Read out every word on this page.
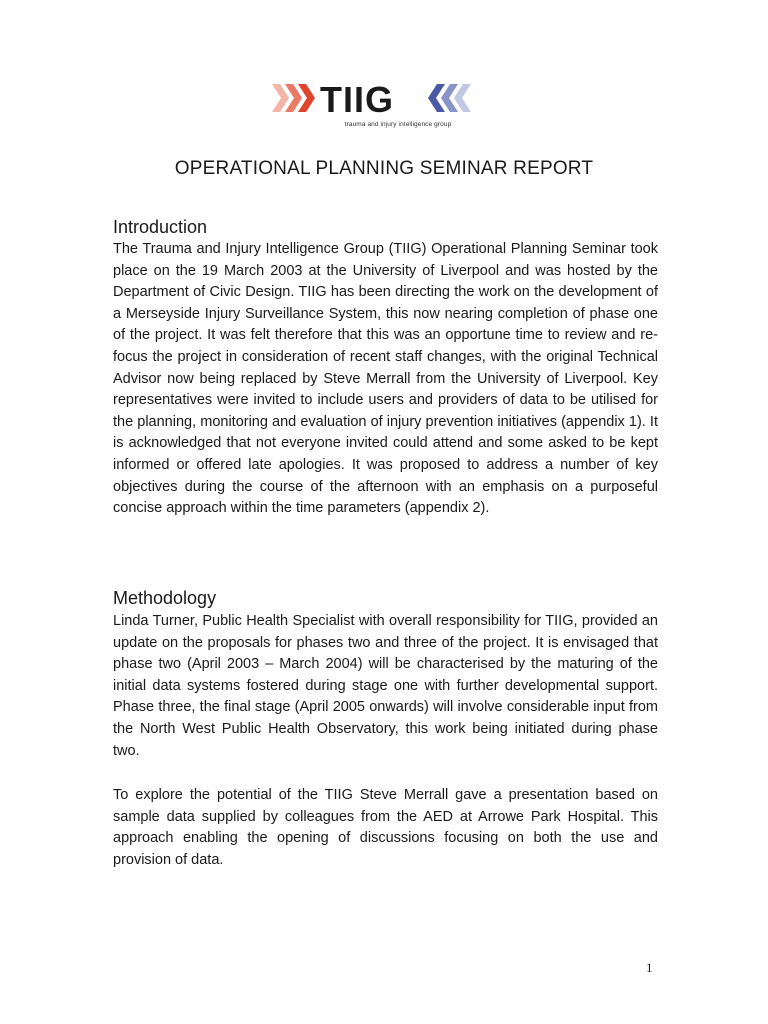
TIIG
trauma and injury intelligence group
OPERATIONAL PLANNING SEMINAR REPORT
Introduction
The Trauma and Injury Intelligence Group (TIIG) Operational Planning Seminar took place on the 19 March 2003 at the University of Liverpool and was hosted by the Department of Civic Design. TIIG has been directing the work on the development of a Merseyside Injury Surveillance System, this now nearing completion of phase one of the project. It was felt therefore that this was an opportune time to review and re-focus the project in consideration of recent staff changes, with the original Technical Advisor now being replaced by Steve Merrall from the University of Liverpool. Key representatives were invited to include users and providers of data to be utilised for the planning, monitoring and evaluation of injury prevention initiatives (appendix 1). It is acknowledged that not everyone invited could attend and some asked to be kept informed or offered late apologies. It was proposed to address a number of key objectives during the course of the afternoon with an emphasis on a purposeful concise approach within the time parameters (appendix 2).
Methodology
Linda Turner, Public Health Specialist with overall responsibility for TIIG, provided an update on the proposals for phases two and three of the project. It is envisaged that phase two (April 2003 – March 2004) will be characterised by the maturing of the initial data systems fostered during stage one with further developmental support. Phase three, the final stage (April 2005 onwards) will involve considerable input from the North West Public Health Observatory, this work being initiated during phase two.
To explore the potential of the TIIG Steve Merrall gave a presentation based on sample data supplied by colleagues from the AED at Arrowe Park Hospital. This approach enabling the opening of discussions focusing on both the use and provision of data.
1
